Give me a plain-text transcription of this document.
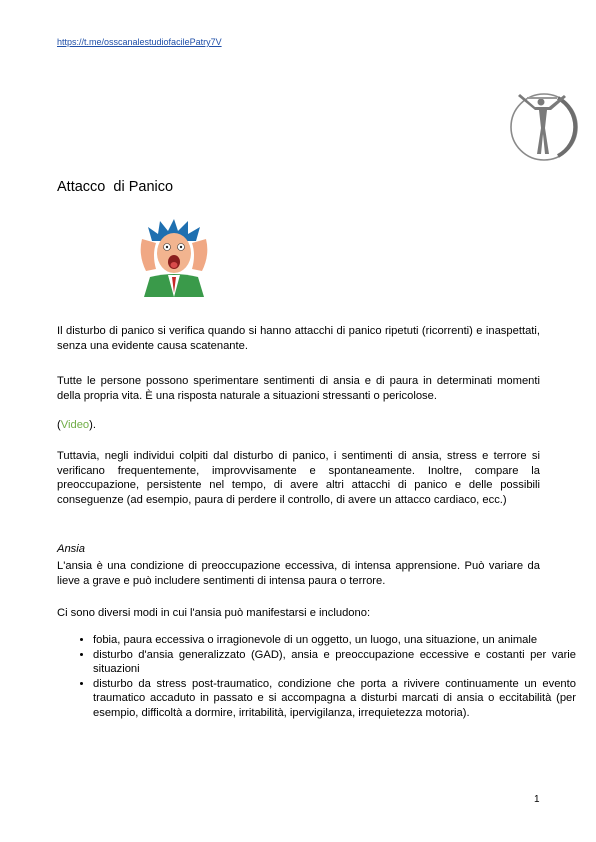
https://t.me/osscanalestudiofacilePatry7V
Attacco  di Panico

Il disturbo di panico si verifica quando si hanno attacchi di panico ripetuti (ricorrenti) e inaspettati, senza una evidente causa scatenante.

Tutte le persone possono sperimentare sentimenti di ansia e di paura in determinati momenti della propria vita. È una risposta naturale a situazioni stressanti o pericolose.

(Video).

Tuttavia, negli individui colpiti dal disturbo di panico, i sentimenti di ansia, stress e terrore si verificano frequentemente, improvvisamente e spontaneamente. Inoltre, compare la preoccupazione, persistente nel tempo, di avere altri attacchi di panico e delle possibili conseguenze (ad esempio, paura di perdere il controllo, di avere un attacco cardiaco, ecc.)

Ansia

L'ansia è una condizione di preoccupazione eccessiva, di intensa apprensione. Può variare da lieve a grave e può includere sentimenti di intensa paura o terrore.

Ci sono diversi modi in cui l'ansia può manifestarsi e includono:

• fobia, paura eccessiva o irragionevole di un oggetto, un luogo, una situazione, un animale
• disturbo d'ansia generalizzato (GAD), ansia e preoccupazione eccessive e costanti per varie situazioni
• disturbo da stress post-traumatico, condizione che porta a rivivere continuamente un evento traumatico accaduto in passato e si accompagna a disturbi marcati di ansia o eccitabilità (per esempio, difficoltà a dormire, irritabilità, ipervigilanza, irrequietezza motoria).
1
